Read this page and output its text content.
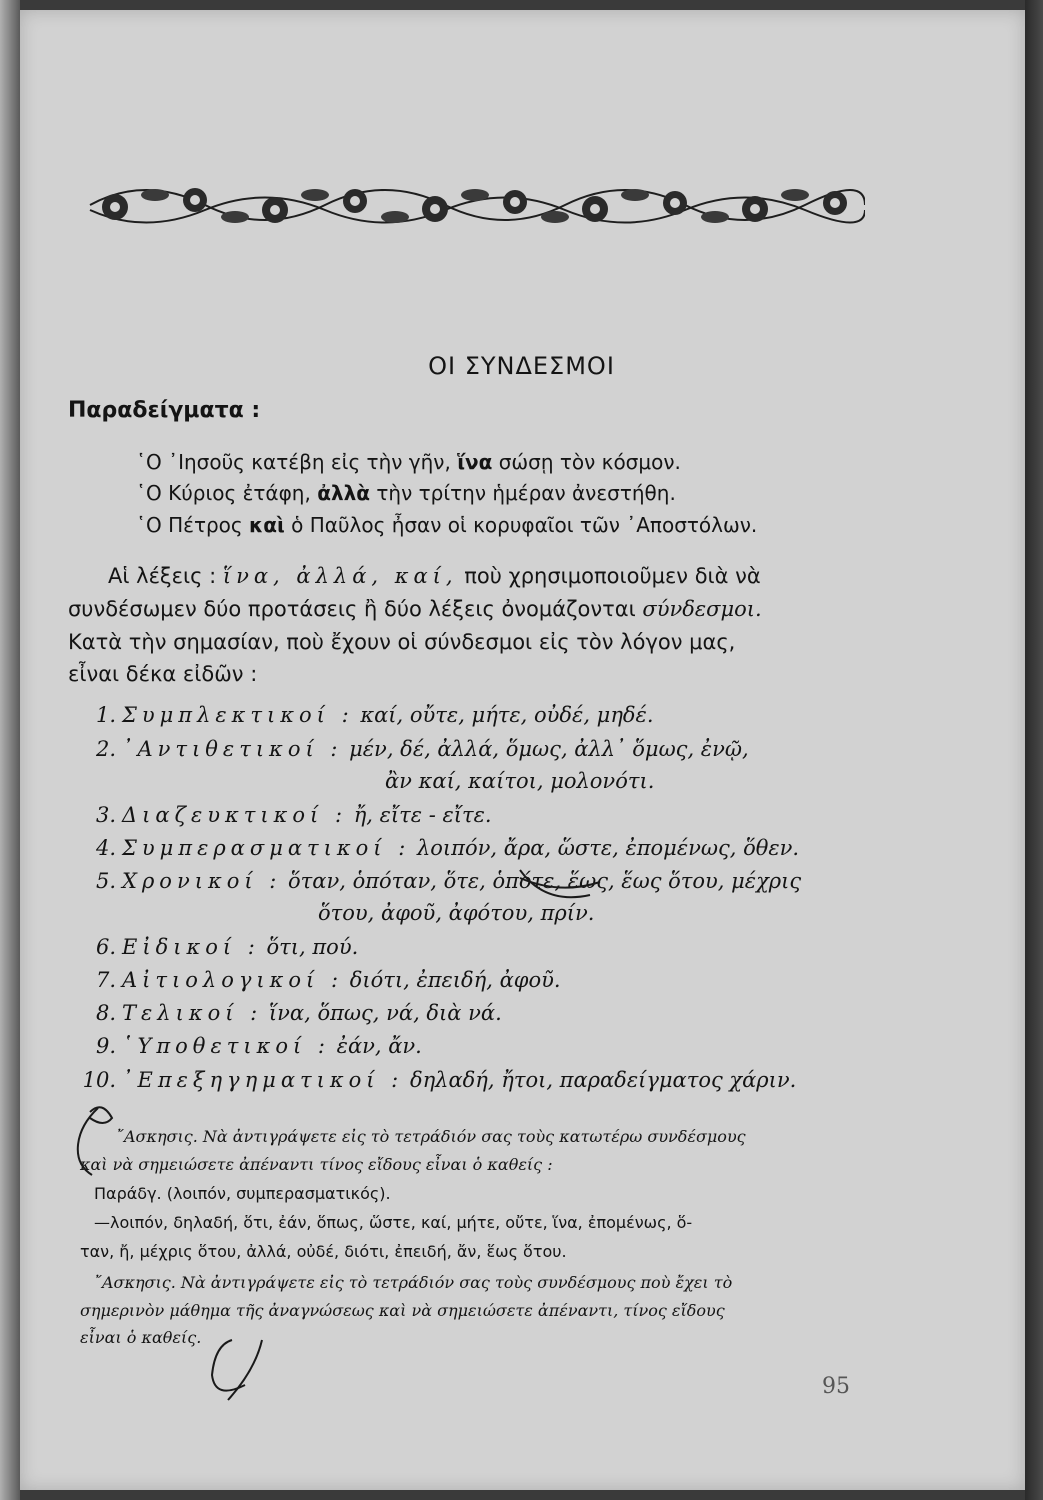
ΟΙ ΣΥΝΔΕΣΜΟΙ
Παραδείγματα :
῾Ο ᾿Ιησοῦς κατέβη εἰς τὴν γῆν, ἵνα σώσῃ τὸν κόσμον.
῾Ο Κύριος ἐτάφη, ἀλλὰ τὴν τρίτην ἡμέραν ἀνεστήθη.
῾Ο Πέτρος καὶ ὁ Παῦλος ἦσαν οἱ κορυφαῖοι τῶν ᾿Αποστόλων.
Αἱ λέξεις : ἵνα, ἀλλά, καί, ποὺ χρησιμοποιοῦμεν διὰ νὰ
συνδέσωμεν δύο προτάσεις ἢ δύο λέξεις ὀνομάζονται σύνδεσμοι.
Κατὰ τὴν σημασίαν, ποὺ ἔχουν οἱ σύνδεσμοι εἰς τὸν λόγον μας,
εἶναι δέκα εἰδῶν :
1. Συμπλεκτικοί : καί, οὔτε, μήτε, οὐδέ, μηδέ.
2. ᾿Αντιθετικοί : μέν, δέ, ἀλλά, ὅμως, ἀλλ᾿ ὅμως, ἐνῷ,
ἂν καί, καίτοι, μολονότι.
3. Διαζευκτικοί : ἤ, εἴτε - εἴτε.
4. Συμπερασματικοί : λοιπόν, ἄρα, ὥστε, ἐπομένως, ὅθεν.
5. Χρονικοί : ὅταν, ὁπόταν, ὅτε, ὁπότε, ἕως, ἕως ὅτου, μέχρις
ὅτου, ἀφοῦ, ἀφότου, πρίν.
6. Εἰδικοί : ὅτι, πού.
7. Αἰτιολογικοί : διότι, ἐπειδή, ἀφοῦ.
8. Τελικοί : ἵνα, ὅπως, νά, διὰ νά.
9. ῾Υποθετικοί : ἐάν, ἄν.
10. ᾿Επεξηγηματικοί : δηλαδή, ἤτοι, παραδείγματος χάριν.
῎Ασκησις. Νὰ ἀντιγράψετε εἰς τὸ τετράδιόν σας τοὺς κατωτέρω συνδέσμους
καὶ νὰ σημειώσετε ἀπέναντι τίνος εἴδους εἶναι ὁ καθείς :
Παράδγ. (λοιπόν, συμπερασματικός).
—λοιπόν, δηλαδή, ὅτι, ἐάν, ὅπως, ὥστε, καί, μήτε, οὔτε, ἵνα, ἐπομένως, ὅ-
ταν, ἤ, μέχρις ὅτου, ἀλλά, οὐδέ, διότι, ἐπειδή, ἄν, ἕως ὅτου.
῎Ασκησις. Νὰ ἀντιγράψετε εἰς τὸ τετράδιόν σας τοὺς συνδέσμους ποὺ ἔχει τὸ
σημερινὸν μάθημα τῆς ἀναγνώσεως καὶ νὰ σημειώσετε ἀπέναντι, τίνος εἴδους
εἶναι ὁ καθείς.
95
